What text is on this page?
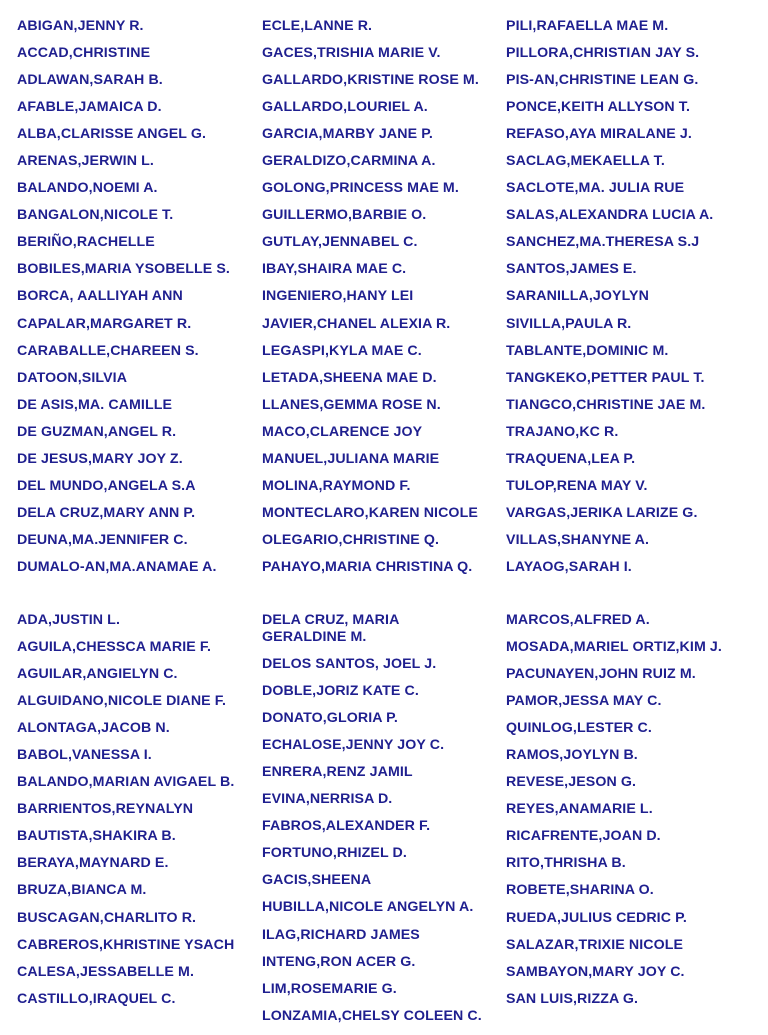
ABIGAN,JENNY R.
ACCAD,CHRISTINE
ADLAWAN,SARAH B.
AFABLE,JAMAICA D.
ALBA,CLARISSE ANGEL G.
ARENAS,JERWIN L.
BALANDO,NOEMI A.
BANGALON,NICOLE T.
BERIÑO,RACHELLE
BOBILES,MARIA YSOBELLE S.
BORCA, AALLIYAH ANN
CAPALAR,MARGARET R.
CARABALLE,CHAREEN S.
DATOON,SILVIA
DE ASIS,MA. CAMILLE
DE GUZMAN,ANGEL R.
DE JESUS,MARY JOY Z.
DEL MUNDO,ANGELA S.A
DELA CRUZ,MARY ANN P.
DEUNA,MA.JENNIFER C.
DUMALO-AN,MA.ANAMAE A.
ECLE,LANNE R.
GACES,TRISHIA MARIE V.
GALLARDO,KRISTINE ROSE M.
GALLARDO,LOURIEL A.
GARCIA,MARBY JANE P.
GERALDIZO,CARMINA A.
GOLONG,PRINCESS MAE M.
GUILLERMO,BARBIE O.
GUTLAY,JENNABEL C.
IBAY,SHAIRA MAE C.
INGENIERO,HANY LEI
JAVIER,CHANEL ALEXIA R.
LEGASPI,KYLA MAE C.
LETADA,SHEENA MAE D.
LLANES,GEMMA ROSE N.
MACO,CLARENCE JOY
MANUEL,JULIANA MARIE
MOLINA,RAYMOND F.
MONTECLARO,KAREN NICOLE
OLEGARIO,CHRISTINE Q.
PAHAYO,MARIA CHRISTINA Q.
PILI,RAFAELLA MAE M.
PILLORA,CHRISTIAN JAY S.
PIS-AN,CHRISTINE LEAN G.
PONCE,KEITH ALLYSON T.
REFASO,AYA MIRALANE J.
SACLAG,MEKAELLA T.
SACLOTE,MA. JULIA RUE
SALAS,ALEXANDRA LUCIA A.
SANCHEZ,MA.THERESA S.J
SANTOS,JAMES E.
SARANILLA,JOYLYN
SIVILLA,PAULA R.
TABLANTE,DOMINIC M.
TANGKEKO,PETTER PAUL T.
TIANGCO,CHRISTINE JAE M.
TRAJANO,KC R.
TRAQUENA,LEA P.
TULOP,RENA MAY V.
VARGAS,JERIKA LARIZE G.
VILLAS,SHANYNE A.
LAYAOG,SARAH I.
ADA,JUSTIN L.
AGUILA,CHESSCA MARIE F.
AGUILAR,ANGIELYN C.
ALGUIDANO,NICOLE DIANE F.
ALONTAGA,JACOB N.
BABOL,VANESSA I.
BALANDO,MARIAN AVIGAEL B.
BARRIENTOS,REYNALYN
BAUTISTA,SHAKIRA B.
BERAYA,MAYNARD E.
BRUZA,BIANCA M.
BUSCAGAN,CHARLITO R.
CABREROS,KHRISTINE YSACH
CALESA,JESSABELLE M.
CASTILLO,IRAQUEL C.
DELA CRUZ, MARIA GERALDINE M.
DELOS SANTOS, JOEL J.
DOBLE,JORIZ KATE C.
DONATO,GLORIA P.
ECHALOSE,JENNY JOY C.
ENRERA,RENZ JAMIL
EVINA,NERRISA D.
FABROS,ALEXANDER F.
FORTUNO,RHIZEL D.
GACIS,SHEENA
HUBILLA,NICOLE ANGELYN A.
ILAG,RICHARD JAMES
INTENG,RON ACER G.
LIM,ROSEMARIE G.
LONZAMIA,CHELSY COLEEN C.
MARCOS,ALFRED A.
MOSADA,MARIEL ORTIZ,KIM J.
PACUNAYEN,JOHN RUIZ M.
PAMOR,JESSA MAY C.
QUINLOG,LESTER C.
RAMOS,JOYLYN B.
REVESE,JESON G.
REYES,ANAMARIE L.
RICAFRENTE,JOAN D.
RITO,THRISHA B.
ROBETE,SHARINA O.
RUEDA,JULIUS CEDRIC P.
SALAZAR,TRIXIE NICOLE
SAMBAYON,MARY JOY C.
SAN LUIS,RIZZA G.
